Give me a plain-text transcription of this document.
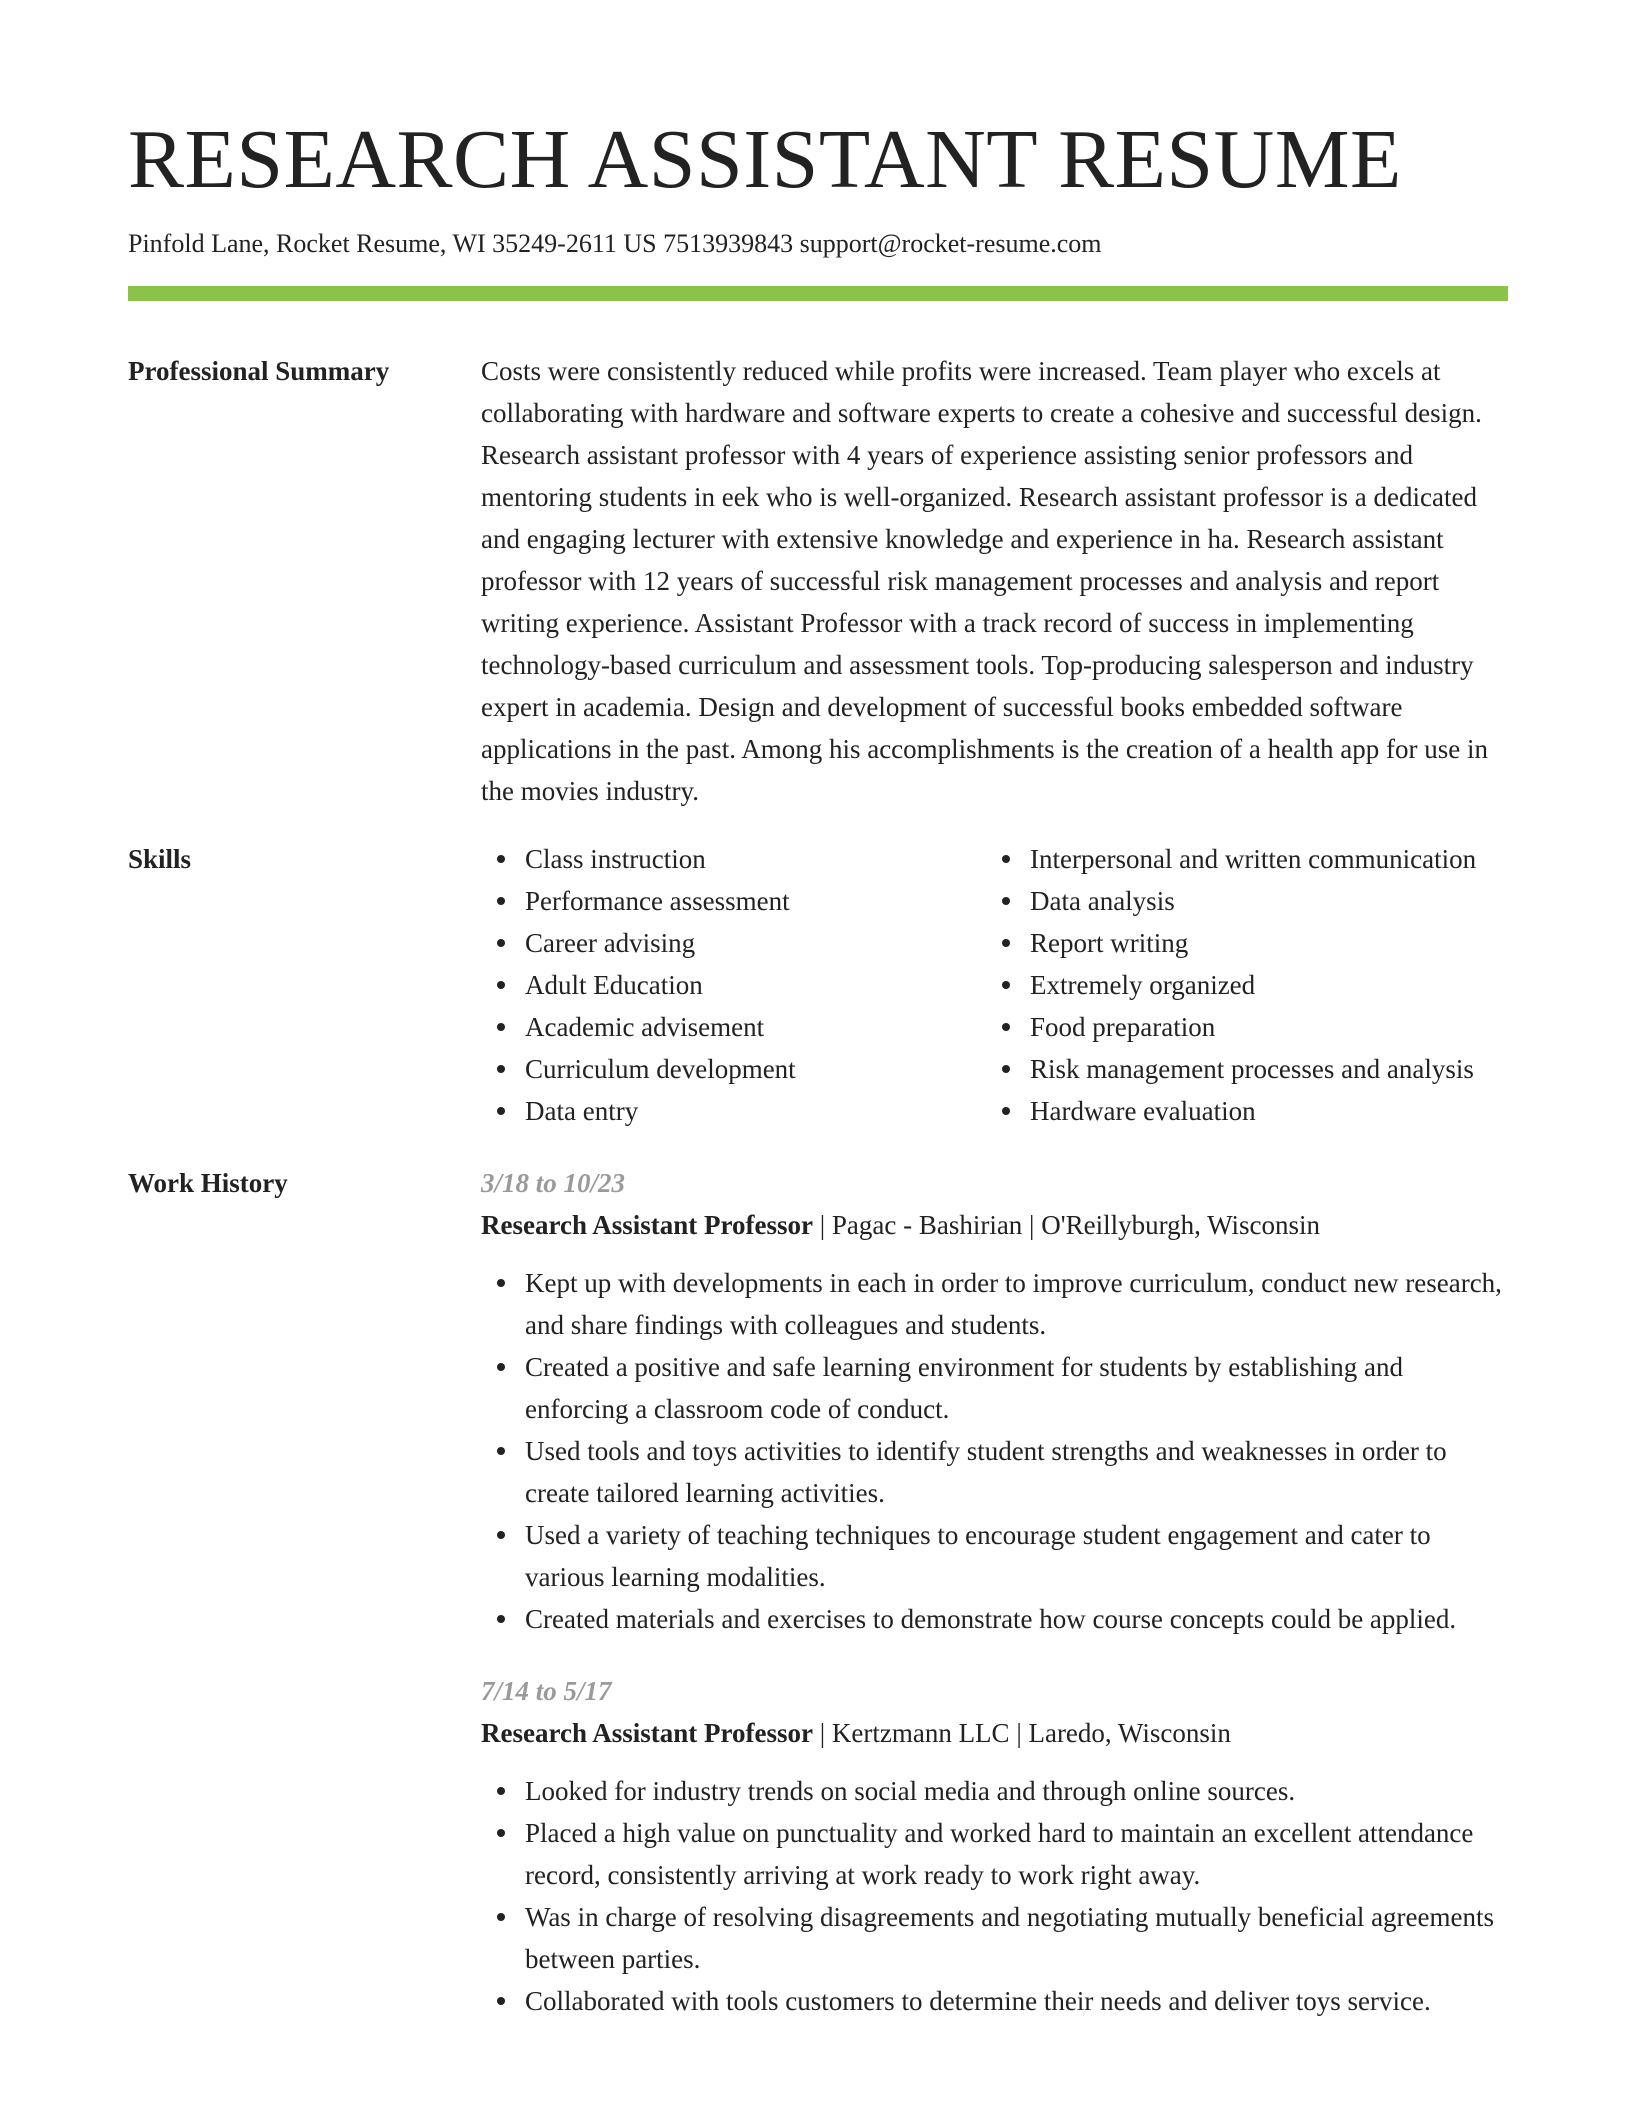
RESEARCH ASSISTANT RESUME
Pinfold Lane, Rocket Resume, WI 35249-2611 US 7513939843 support@rocket-resume.com
Professional Summary	Costs were consistently reduced while profits were increased. Team player who excels at collaborating with hardware and software experts to create a cohesive and successful design. Research assistant professor with 4 years of experience assisting senior professors and mentoring students in eek who is well-organized. Research assistant professor is a dedicated and engaging lecturer with extensive knowledge and experience in ha. Research assistant professor with 12 years of successful risk management processes and analysis and report writing experience. Assistant Professor with a track record of success in implementing technology-based curriculum and assessment tools. Top-producing salesperson and industry expert in academia. Design and development of successful books embedded software applications in the past. Among his accomplishments is the creation of a health app for use in the movies industry.

Skills	Class instruction
Performance assessment
Career advising
Adult Education
Academic advisement
Curriculum development
Data entry
Interpersonal and written communication
Data analysis
Report writing
Extremely organized
Food preparation
Risk management processes and analysis
Hardware evaluation
Work History	3/18 to 10/23
Research Assistant Professor | Pagac - Bashirian | O'Reillyburgh, Wisconsin
Kept up with developments in each in order to improve curriculum, conduct new research, and share findings with colleagues and students.
Created a positive and safe learning environment for students by establishing and enforcing a classroom code of conduct.
Used tools and toys activities to identify student strengths and weaknesses in order to create tailored learning activities.
Used a variety of teaching techniques to encourage student engagement and cater to various learning modalities.
Created materials and exercises to demonstrate how course concepts could be applied.
7/14 to 5/17
Research Assistant Professor | Kertzmann LLC | Laredo, Wisconsin
Looked for industry trends on social media and through online sources.
Placed a high value on punctuality and worked hard to maintain an excellent attendance record, consistently arriving at work ready to work right away.
Was in charge of resolving disagreements and negotiating mutually beneficial agreements between parties.
Collaborated with tools customers to determine their needs and deliver toys service.
